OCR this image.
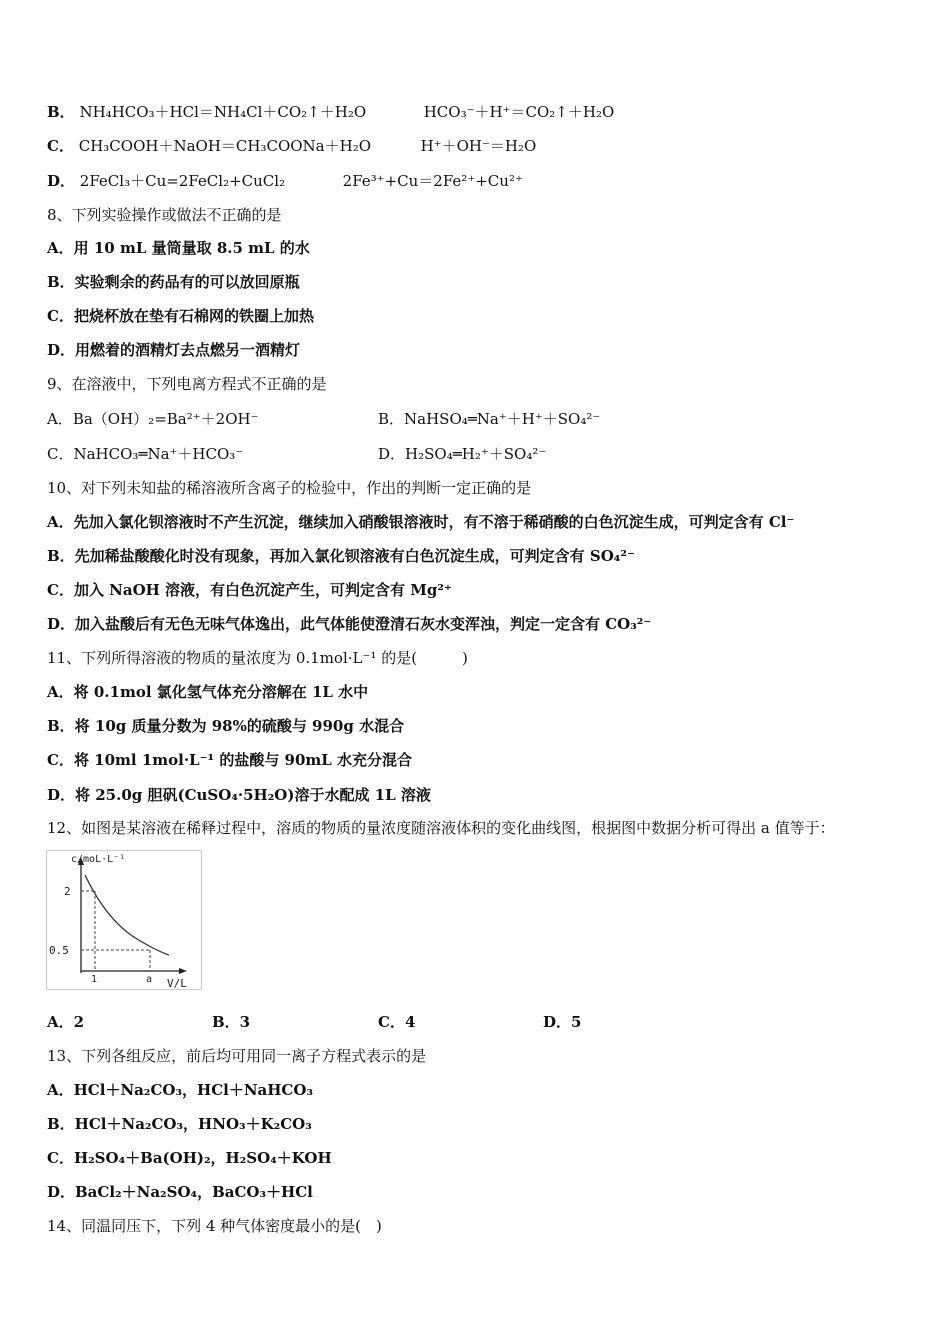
B． NH₄HCO₃＋HCl＝NH₄Cl＋CO₂↑＋H₂O	HCO₃⁻＋H⁺＝CO₂↑＋H₂O
C． CH₃COOH＋NaOH＝CH₃COONa＋H₂O	H⁺＋OH⁻＝H₂O
D． 2FeCl₃＋Cu=2FeCl₂+CuCl₂	2Fe³⁺+Cu＝2Fe²⁺+Cu²⁺
8、下列实验操作或做法不正确的是
A．用 10 mL 量筒量取 8.5 mL 的水
B．实验剩余的药品有的可以放回原瓶
C．把烧杯放在垫有石棉网的铁圈上加热
D．用燃着的酒精灯去点燃另一酒精灯
9、在溶液中，下列电离方程式不正确的是
A．Ba（OH）₂=Ba²⁺＋2OH⁻	B．NaHSO₄═Na⁺＋H⁺＋SO₄²⁻
C．NaHCO₃═Na⁺＋HCO₃⁻	D．H₂SO₄═H₂⁺＋SO₄²⁻
10、对下列未知盐的稀溶液所含离子的检验中，作出的判断一定正确的是
A．先加入氯化钡溶液时不产生沉淀，继续加入硝酸银溶液时，有不溶于稀硝酸的白色沉淀生成，可判定含有 Cl⁻
B．先加稀盐酸酸化时没有现象，再加入氯化钡溶液有白色沉淀生成，可判定含有 SO₄²⁻
C．加入 NaOH 溶液，有白色沉淀产生，可判定含有 Mg²⁺
D．加入盐酸后有无色无味气体逸出，此气体能使澄清石灰水变浑浊，判定一定含有 CO₃²⁻
11、下列所得溶液的物质的量浓度为 0.1mol·L⁻¹ 的是(　　　)
A．将 0.1mol 氯化氢气体充分溶解在 1L 水中
B．将 10g 质量分数为 98%的硫酸与 990g 水混合
C．将 10ml 1mol·L⁻¹ 的盐酸与 90mL 水充分混合
D．将 25.0g 胆矾(CuSO₄·5H₂O)溶于水配成 1L 溶液
12、如图是某溶液在稀释过程中，溶质的物质的量浓度随溶液体积的变化曲线图，根据图中数据分析可得出 a 值等于：
c/moL·L⁻¹
2
0.5
1	a V/L
A．2	B．3	C．4	D．5
13、下列各组反应，前后均可用同一离子方程式表示的是
A．HCl＋Na₂CO₃，HCl＋NaHCO₃
B．HCl＋Na₂CO₃，HNO₃＋K₂CO₃
C．H₂SO₄＋Ba(OH)₂，H₂SO₄＋KOH
D．BaCl₂＋Na₂SO₄，BaCO₃＋HCl
14、同温同压下，下列 4 种气体密度最小的是(　)
